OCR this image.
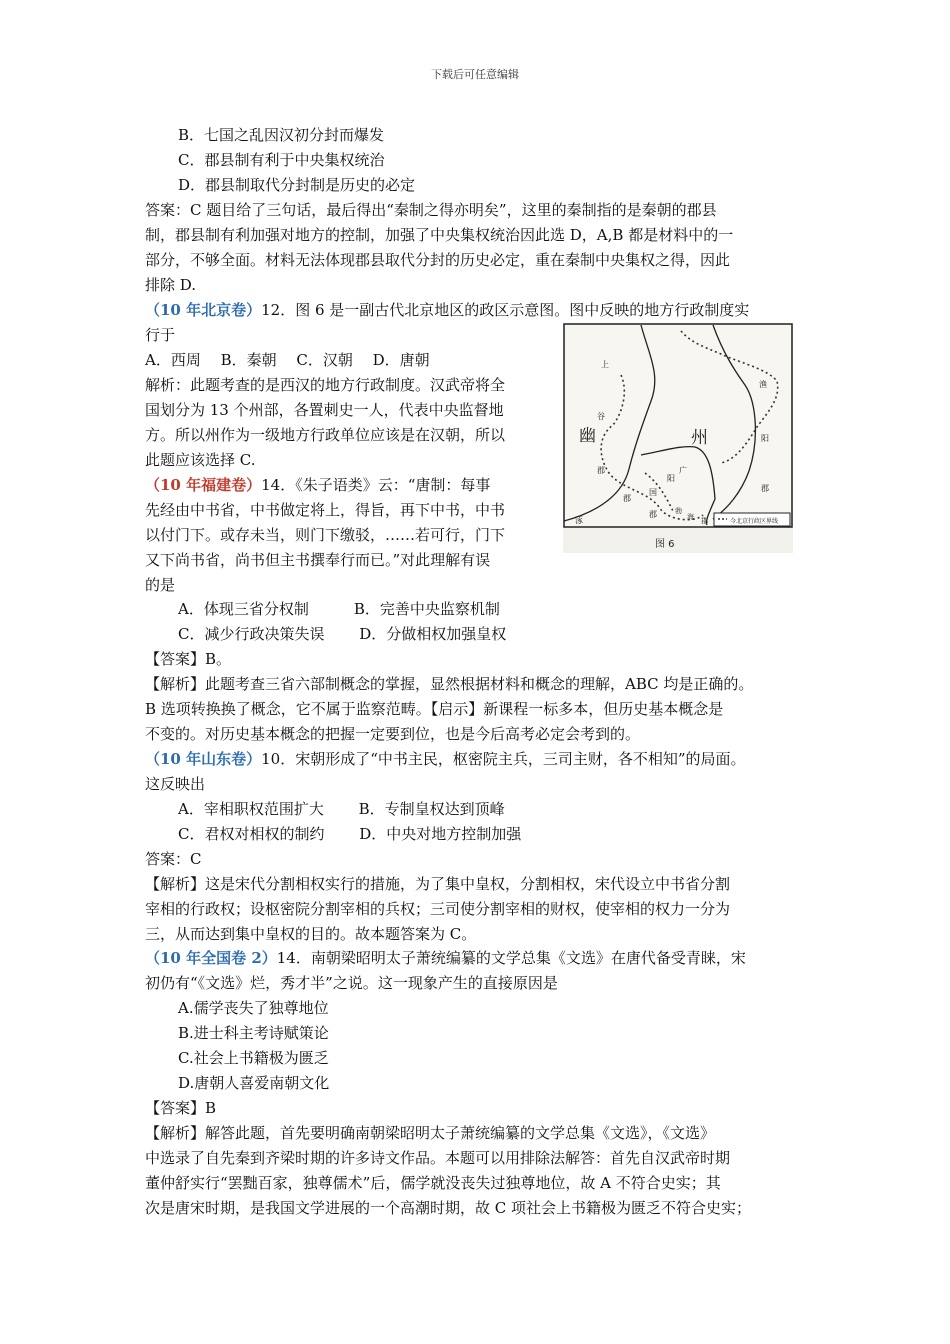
下载后可任意编辑
B．七国之乱因汉初分封而爆发
C．郡县制有利于中央集权统治
D．郡县制取代分封制是历史的必定
答案：C 题目给了三句话，最后得出“秦制之得亦明矣”，这里的秦制指的是秦朝的郡县
制，郡县制有利加强对地方的控制，加强了中央集权统治因此选 D，A,B 都是材料中的一
部分，不够全面。材料无法体现郡县取代分封的历史必定，重在秦制中央集权之得，因此
排除 D.
（10 年北京卷）12．图 6 是一副古代北京地区的政区示意图。图中反映的地方行政制度实
行于
A．西周　 B．秦朝　 C．汉朝　 D．唐朝
解析：此题考查的是西汉的地方行政制度。汉武帝将全
国划分为 13 个州部，各置刺史一人，代表中央监督地
方。所以州作为一级地方行政单位应该是在汉朝，所以
此题应该选择 C.
（10 年福建卷）14．《朱子语类》云：“唐制：每事
先经由中书省，中书做定将上，得旨，再下中书，中书
以付门下。或存未当，则门下缴驳，……若可行，门下
又下尚书省，尚书但主书撰奉行而已。”对此理解有误
的是
A．体现三省分权制　　　B．完善中央监察机制
C．减少行政决策失误　　 D．分做相权加强皇权
【答案】B。
【解析】此题考查三省六部制概念的掌握，显然根据材料和概念的理解，ABC 均是正确的。
B 选项转换换了概念，它不属于监察范畴。【启示】新课程一标多本，但历史基本概念是
不变的。对历史基本概念的把握一定要到位，也是今后高考必定会考到的。
（10 年山东卷）10．宋朝形成了“中书主民，枢密院主兵，三司主财，各不相知”的局面。
这反映出
A．宰相职权范围扩大　　 B．专制皇权达到顶峰
C．君权对相权的制约　　 D．中央对地方控制加强
答案：C
【解析】这是宋代分割相权实行的措施，为了集中皇权，分割相权，宋代设立中书省分割
宰相的行政权；设枢密院分割宰相的兵权；三司使分割宰相的财权，使宰相的权力一分为
三，从而达到集中皇权的目的。故本题答案为 C。
（10 年全国卷 2）14．南朝梁昭明太子萧统编纂的文学总集《文选》在唐代备受青睐，宋
初仍有“《文选》烂，秀才半”之说。这一现象产生的直接原因是
A.儒学丧失了独尊地位
B.进士科主考诗赋策论
C.社会上书籍极为匮乏
D.唐朝人喜爱南朝文化
【答案】B
【解析】解答此题，首先要明确南朝梁昭明太子萧统编纂的文学总集《文选》，《文选》
中选录了自先秦到齐梁时期的许多诗文作品。本题可以用排除法解答：首先自汉武帝时期
董仲舒实行“罢黜百家，独尊儒术”后，儒学就没丧失过独尊地位，故 A 不符合史实；其
次是唐宋时期，是我国文学进展的一个高潮时期，故 C 项社会上书籍极为匮乏不符合史实；
今北京行政区界线
上
谷
郡
幽	州
渔
阳
郡
广
阳
国
郡
涿
郡	勃
海 郡
图 6
